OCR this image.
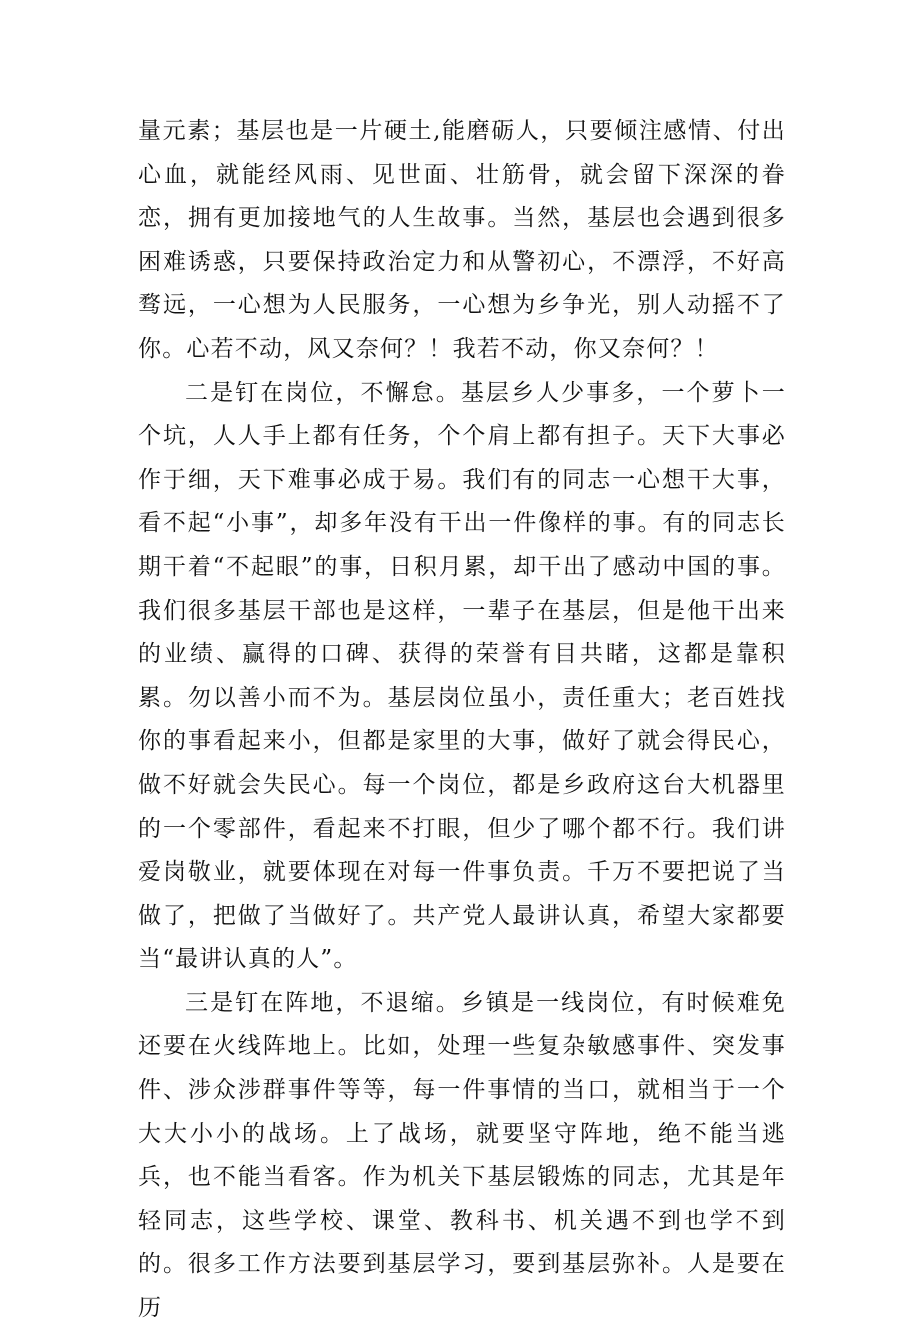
量元素；基层也是一片硬土,能磨砺人，只要倾注感情、付出心血，就能经风雨、见世面、壮筋骨，就会留下深深的眷恋，拥有更加接地气的人生故事。当然，基层也会遇到很多困难诱惑，只要保持政治定力和从警初心，不漂浮，不好高骛远，一心想为人民服务，一心想为乡争光，别人动摇不了你。心若不动，风又奈何？！我若不动，你又奈何？！

二是钉在岗位，不懈怠。基层乡人少事多，一个萝卜一个坑，人人手上都有任务，个个肩上都有担子。天下大事必作于细，天下难事必成于易。我们有的同志一心想干大事，看不起“小事”，却多年没有干出一件像样的事。有的同志长期干着“不起眼”的事，日积月累，却干出了感动中国的事。我们很多基层干部也是这样，一辈子在基层，但是他干出来的业绩、赢得的口碑、获得的荣誉有目共睹，这都是靠积累。勿以善小而不为。基层岗位虽小，责任重大；老百姓找你的事看起来小，但都是家里的大事，做好了就会得民心，做不好就会失民心。每一个岗位，都是乡政府这台大机器里的一个零部件，看起来不打眼，但少了哪个都不行。我们讲爱岗敬业，就要体现在对每一件事负责。千万不要把说了当做了，把做了当做好了。共产党人最讲认真，希望大家都要当“最讲认真的人”。

三是钉在阵地，不退缩。乡镇是一线岗位，有时候难免还要在火线阵地上。比如，处理一些复杂敏感事件、突发事件、涉众涉群事件等等，每一件事情的当口，就相当于一个大大小小的战场。上了战场，就要坚守阵地，绝不能当逃兵，也不能当看客。作为机关下基层锻炼的同志，尤其是年轻同志，这些学校、课堂、教科书、机关遇不到也学不到的。很多工作方法要到基层学习，要到基层弥补。人是要在历
